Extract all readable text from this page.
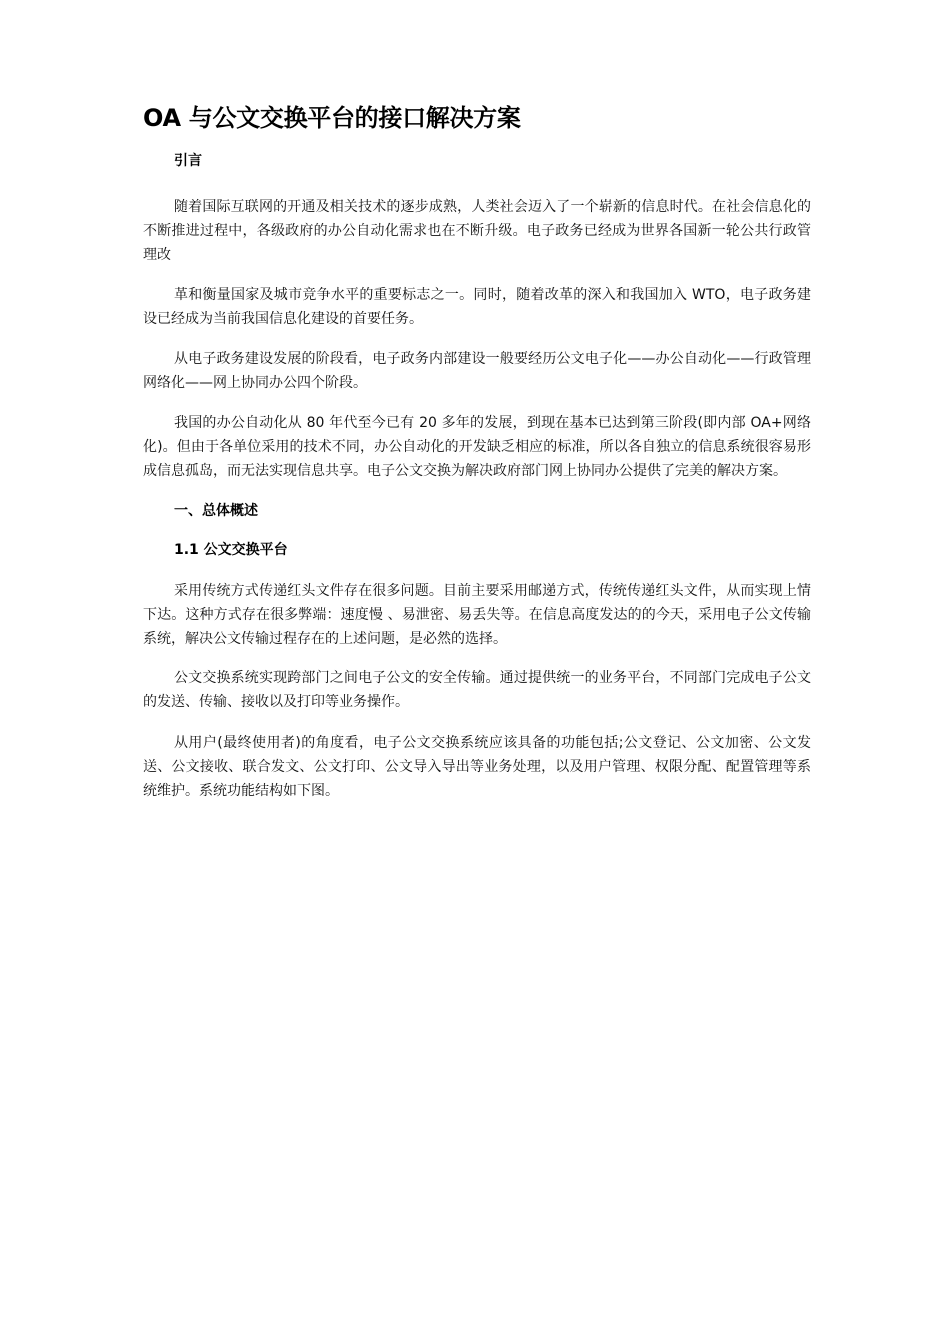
OA 与公文交换平台的接口解决方案
引言

随着国际互联网的开通及相关技术的逐步成熟，人类社会迈入了一个崭新的信息时代。在社会信息化的不断推进过程中，各级政府的办公自动化需求也在不断升级。电子政务已经成为世界各国新一轮公共行政管理改

革和衡量国家及城市竞争水平的重要标志之一。同时，随着改革的深入和我国加入 WTO，电子政务建设已经成为当前我国信息化建设的首要任务。

从电子政务建设发展的阶段看，电子政务内部建设一般要经历公文电子化——办公自动化——行政管理网络化——网上协同办公四个阶段。

我国的办公自动化从 80 年代至今已有 20 多年的发展，到现在基本已达到第三阶段(即内部 OA+网络化)。但由于各单位采用的技术不同，办公自动化的开发缺乏相应的标准，所以各自独立的信息系统很容易形成信息孤岛，而无法实现信息共享。电子公文交换为解决政府部门网上协同办公提供了完美的解决方案。

一、总体概述
1.1 公文交换平台

采用传统方式传递红头文件存在很多问题。目前主要采用邮递方式，传统传递红头文件，从而实现上情下达。这种方式存在很多弊端：速度慢 、易泄密、易丢失等。在信息高度发达的的今天，采用电子公文传输系统，解决公文传输过程存在的上述问题，是必然的选择。

公文交换系统实现跨部门之间电子公文的安全传输。通过提供统一的业务平台，不同部门完成电子公文的发送、传输、接收以及打印等业务操作。

从用户(最终使用者)的角度看，电子公文交换系统应该具备的功能包括;公文登记、公文加密、公文发送、公文接收、联合发文、公文打印、公文导入导出等业务处理，以及用户管理、权限分配、配置管理等系统维护。系统功能结构如下图。
